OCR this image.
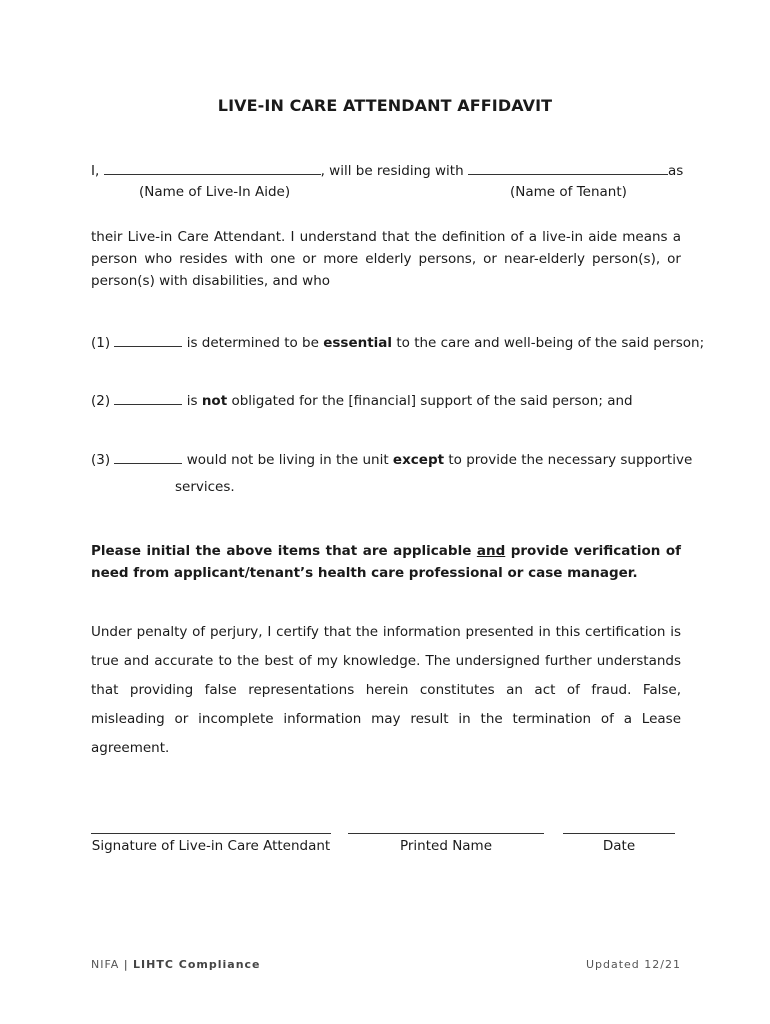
LIVE-IN CARE ATTENDANT AFFIDAVIT
I,	, will be residing with	as
(Name of Live-In Aide)	(Name of Tenant)
their Live-in Care Attendant. I understand that the definition of a live-in aide means a person who resides with one or more elderly persons, or near-elderly person(s), or person(s) with disabilities, and who
(1)	is determined to be essential to the care and well-being of the said person;
(2)	is not obligated for the [financial] support of the said person; and
(3)	would not be living in the unit except to provide the necessary supportive
services.
Please initial the above items that are applicable and provide verification of need from applicant/tenant’s health care professional or case manager.
Under penalty of perjury, I certify that the information presented in this certification is true and accurate to the best of my knowledge. The undersigned further understands that providing false representations herein constitutes an act of fraud. False, misleading or incomplete information may result in the termination of a Lease agreement.
Signature of Live-in Care Attendant	Printed Name	Date
NIFA | LIHTC Compliance	Updated 12/21
